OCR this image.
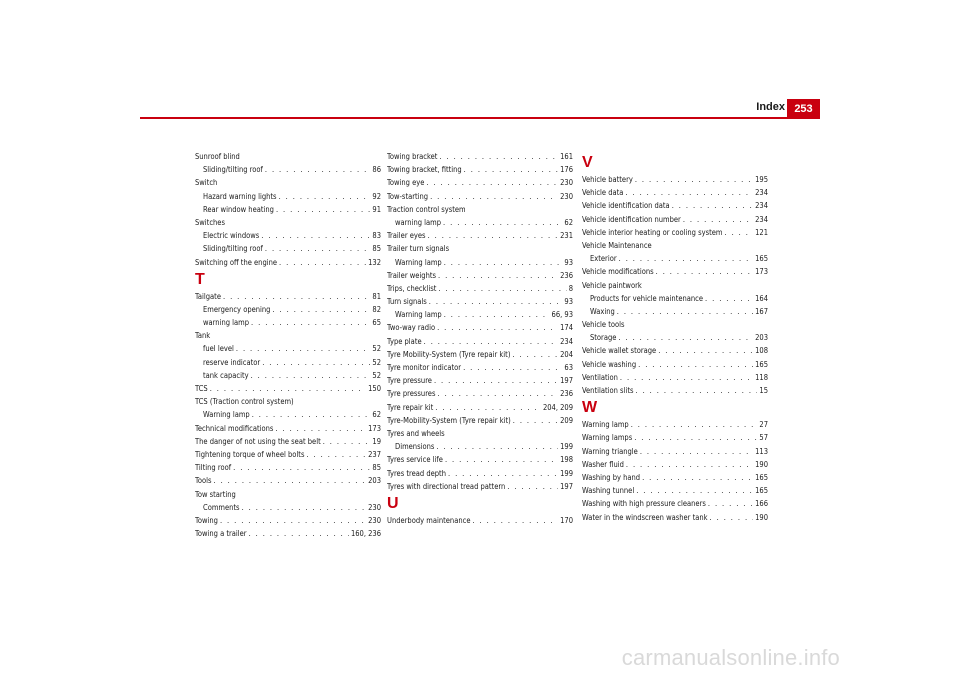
Index 253
Sunroof blind
Sliding/tilting roof . . .	86
Switch
Hazard warning lights . . .	92
Rear window heating . . .	91
Switches
Electric windows . . .	83
Sliding/tilting roof . . .	85
Switching off the engine . . .	132
T
Tailgate . . .	81
Emergency opening . . .	82
warning lamp . . .	65
Tank
fuel level . . .	52
reserve indicator . . .	52
tank capacity . . .	52
TCS . . .	150
TCS (Traction control system)
Warning lamp . . .	62
Technical modifications . . .	173
The danger of not using the seat belt . . .	19
Tightening torque of wheel bolts . . .	237
Tilting roof . . .	85
Tools . . .	203
Tow starting
Comments . . .	230
Towing . . .	230
Towing a trailer . . .	160, 236
Towing bracket . . .	161
Towing bracket, fitting . . .	176
Towing eye . . .	230
Tow-starting . . .	230
Traction control system
warning lamp . . .	62
Trailer eyes . . .	231
Trailer turn signals
Warning lamp . . .	93
Trailer weights . . .	236
Trips, checklist . . .	8
Turn signals . . .	93
Warning lamp . . .	66, 93
Two-way radio . . .	174
Type plate . . .	234
Tyre Mobility-System (Tyre repair kit) . . .	204
Tyre monitor indicator . . .	63
Tyre pressure . . .	197
Tyre pressures . . .	236
Tyre repair kit . . .	204, 209
Tyre-Mobility-System (Tyre repair kit) . . .	209
Tyres and wheels
Dimensions . . .	199
Tyres service life . . .	198
Tyres tread depth . . .	199
Tyres with directional tread pattern . . .	197
U
Underbody maintenance . . .	170
V
Vehicle battery . . .	195
Vehicle data . . .	234
Vehicle identification data . . .	234
Vehicle identification number . . .	234
Vehicle interior heating or cooling system . . .	121
Vehicle Maintenance
Exterior . . .	165
Vehicle modifications . . .	173
Vehicle paintwork
Products for vehicle maintenance . . .	164
Waxing . . .	167
Vehicle tools
Storage . . .	203
Vehicle wallet storage . . .	108
Vehicle washing . . .	165
Ventilation . . .	118
Ventilation slits . . .	15
W
Warning lamp . . .	27
Warning lamps . . .	57
Warning triangle . . .	113
Washer fluid . . .	190
Washing by hand . . .	165
Washing tunnel . . .	165
Washing with high pressure cleaners . . .	166
Water in the windscreen washer tank . . .	190
carmanualsonline.info
